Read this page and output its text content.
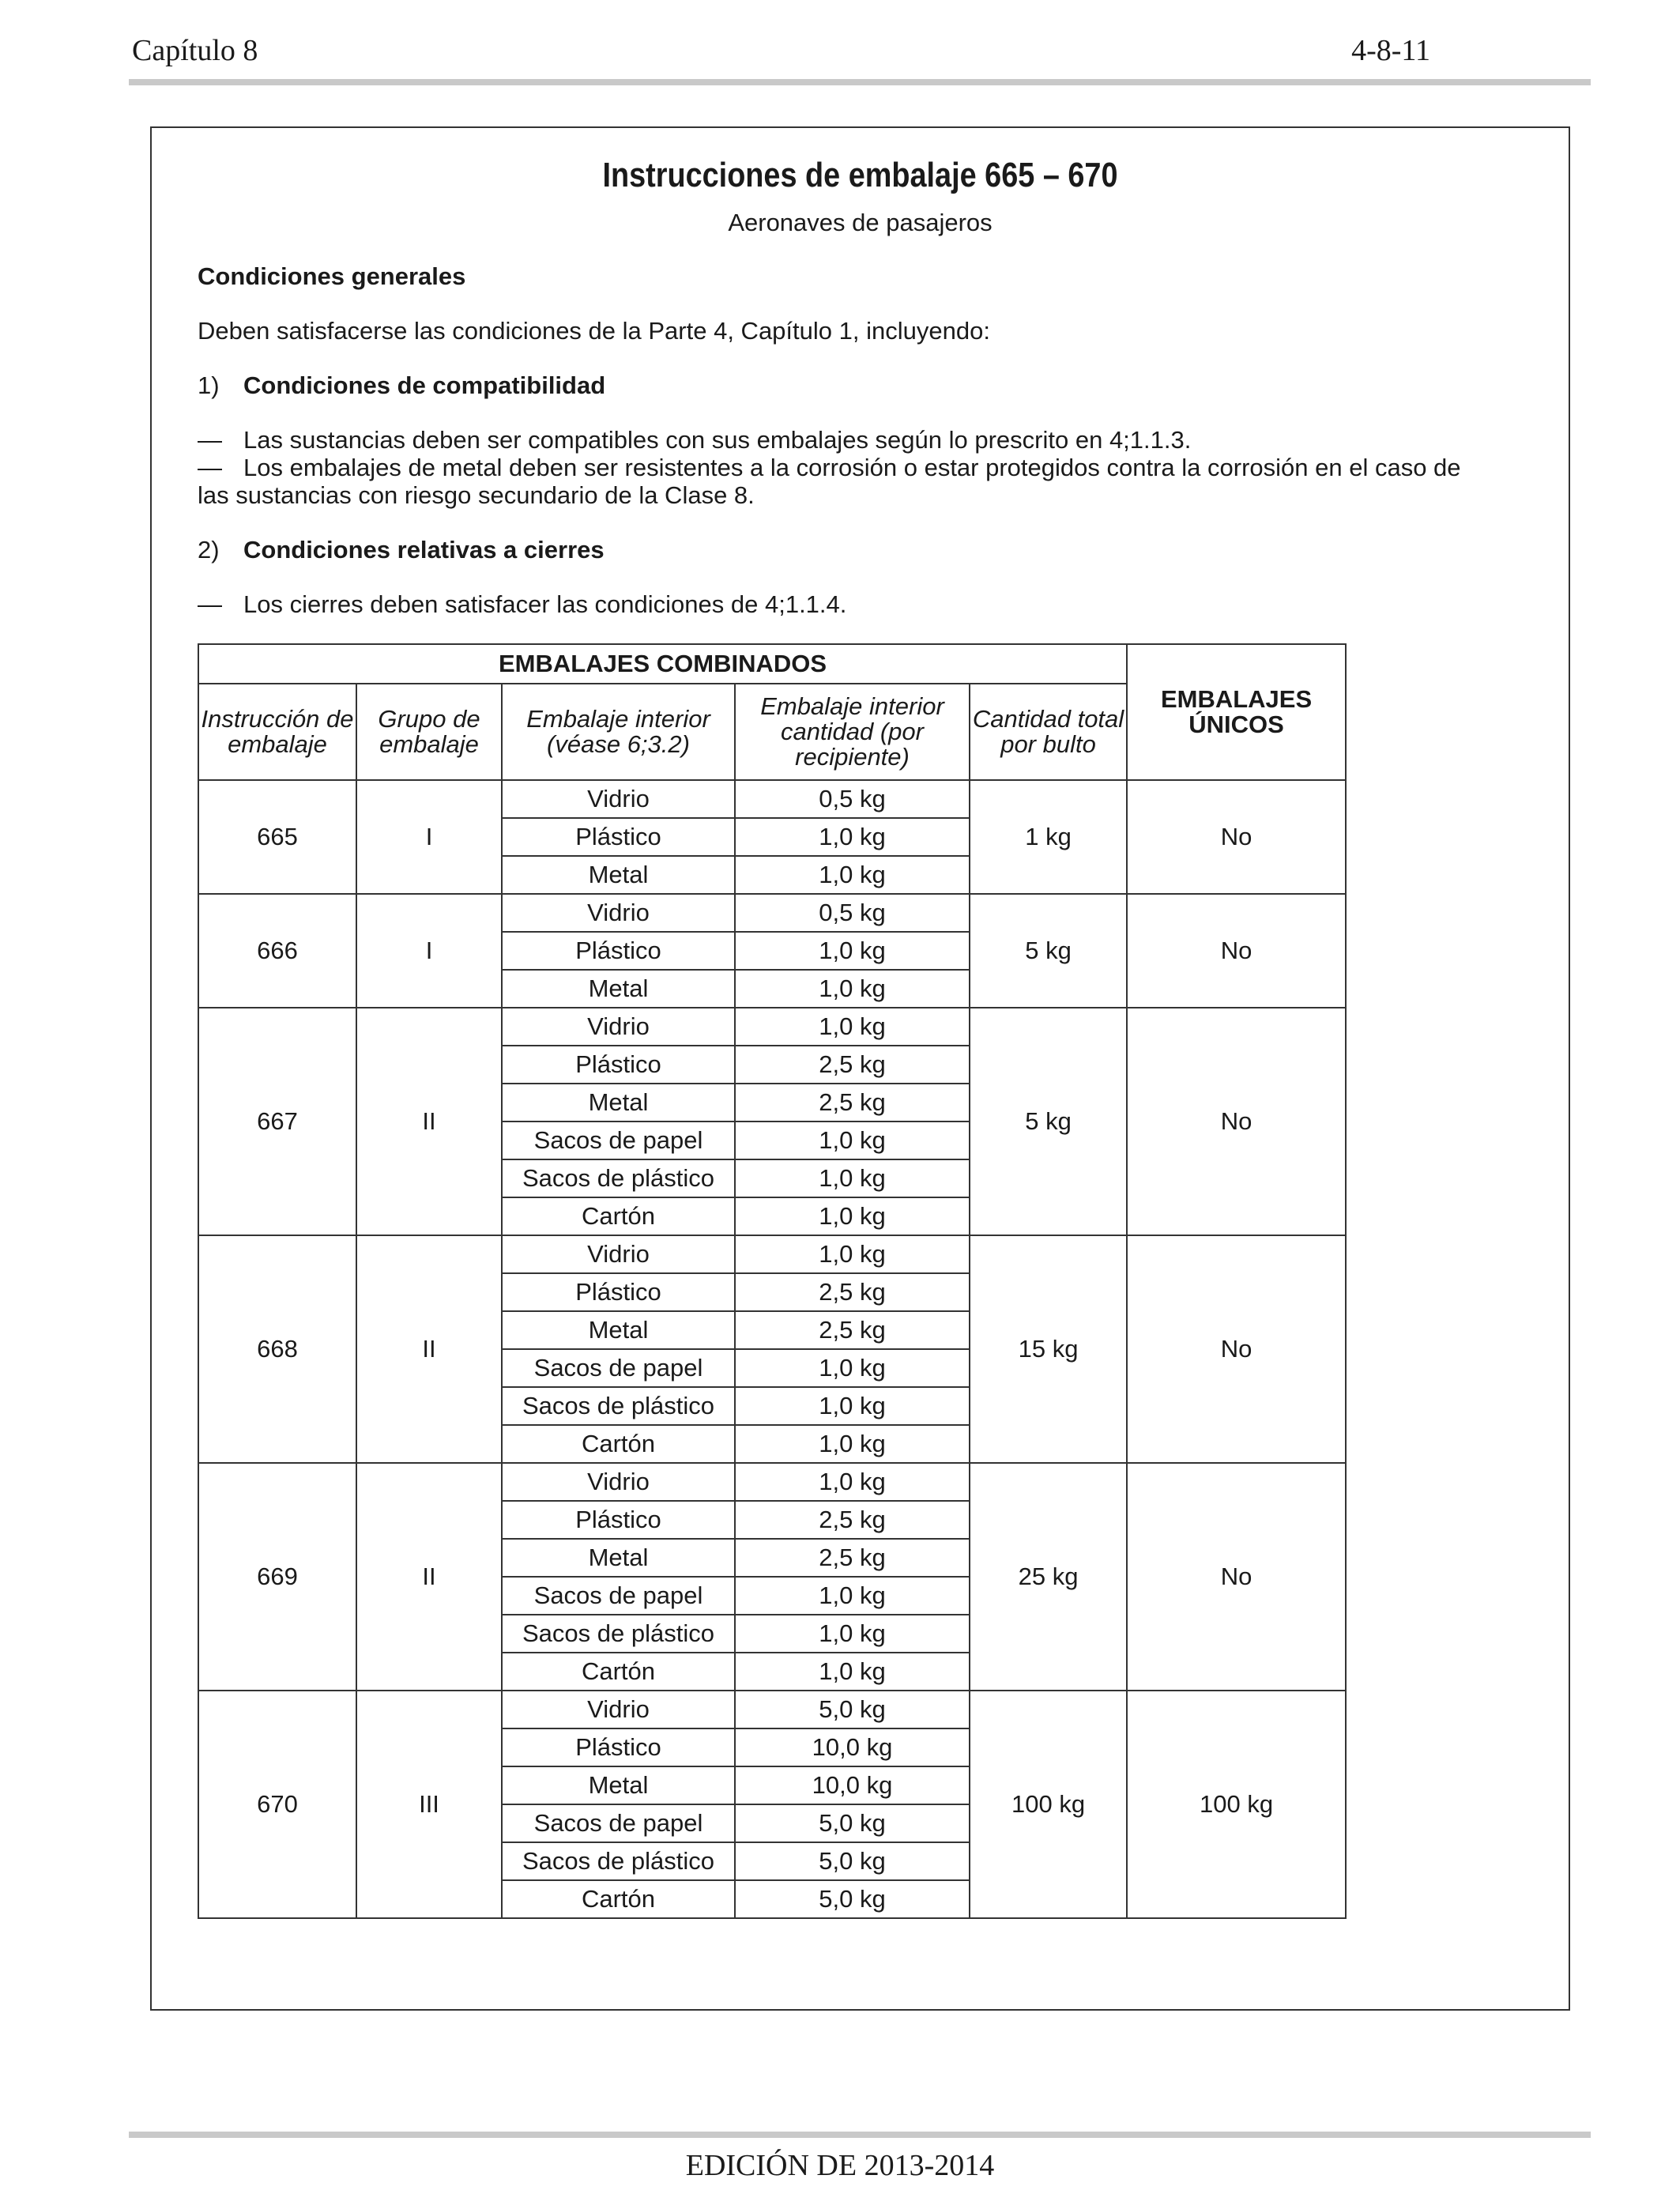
Capítulo 8	4-8-11
Instrucciones de embalaje 665 – 670
Aeronaves de pasajeros
Condiciones generales
Deben satisfacerse las condiciones de la Parte 4, Capítulo 1, incluyendo:
1) Condiciones de compatibilidad
— Las sustancias deben ser compatibles con sus embalajes según lo prescrito en 4;1.1.3.
— Los embalajes de metal deben ser resistentes a la corrosión o estar protegidos contra la corrosión en el caso de
las sustancias con riesgo secundario de la Clase 8.
2) Condiciones relativas a cierres
— Los cierres deben satisfacer las condiciones de 4;1.1.4.
EMBALAJES COMBINADOS					EMBALAJES ÚNICOS
Instrucción de embalaje	Grupo de embalaje	Embalaje interior (véase 6;3.2)	Embalaje interior cantidad (por recipiente)	Cantidad total por bulto	
665	I	Vidrio	0,5 kg	1 kg	No
		Plástico	1,0 kg		
		Metal	1,0 kg		
666	I	Vidrio	0,5 kg	5 kg	No
		Plástico	1,0 kg		
		Metal	1,0 kg		
667	II	Vidrio	1,0 kg	5 kg	No
		Plástico	2,5 kg		
		Metal	2,5 kg		
		Sacos de papel	1,0 kg		
		Sacos de plástico	1,0 kg		
		Cartón	1,0 kg		
668	II	Vidrio	1,0 kg	15 kg	No
		Plástico	2,5 kg		
		Metal	2,5 kg		
		Sacos de papel	1,0 kg		
		Sacos de plástico	1,0 kg		
		Cartón	1,0 kg		
669	II	Vidrio	1,0 kg	25 kg	No
		Plástico	2,5 kg		
		Metal	2,5 kg		
		Sacos de papel	1,0 kg		
		Sacos de plástico	1,0 kg		
		Cartón	1,0 kg		
670	III	Vidrio	5,0 kg	100 kg	100 kg
		Plástico	10,0 kg		
		Metal	10,0 kg		
		Sacos de papel	5,0 kg		
		Sacos de plástico	5,0 kg		
		Cartón	5,0 kg		
EDICIÓN DE 2013-2014
